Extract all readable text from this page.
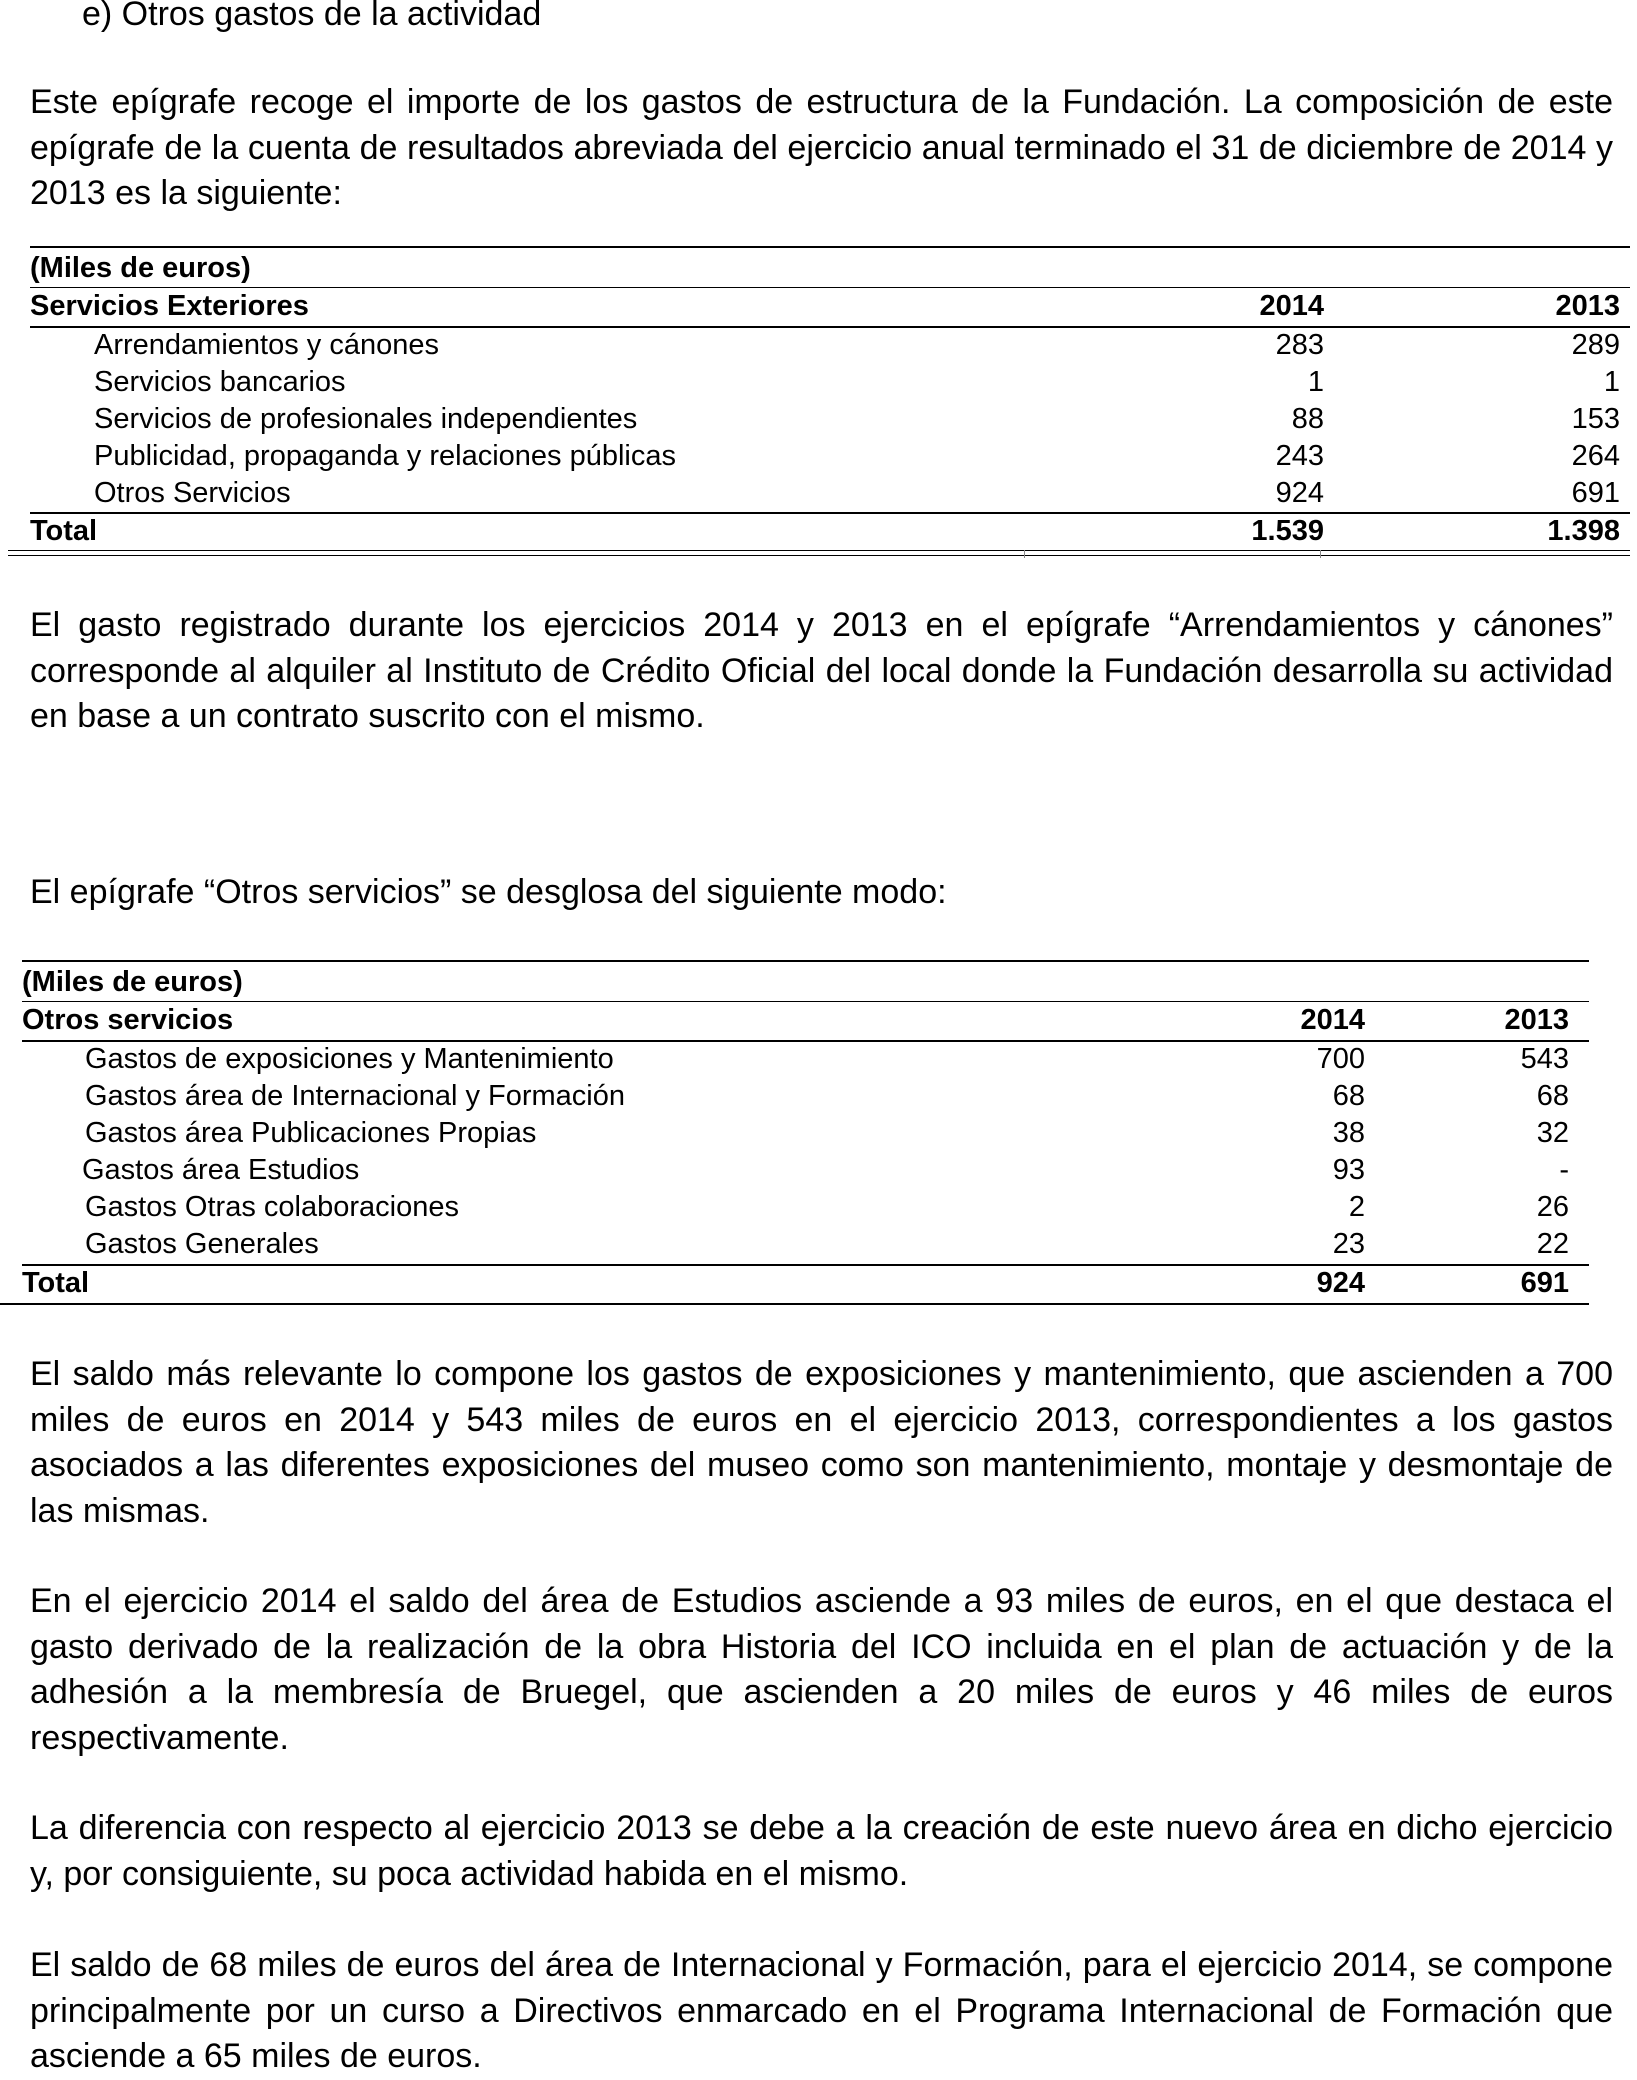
e) Otros gastos de la actividad

Este epígrafe recoge el importe de los gastos de estructura de la Fundación. La composición de este epígrafe de la cuenta de resultados abreviada del ejercicio anual terminado el 31 de diciembre de 2014 y 2013 es la siguiente:

(Miles de euros)
Servicios Exteriores	2014	2013
Arrendamientos y cánones	283	289
Servicios bancarios	1	1
Servicios de profesionales independientes	88	153
Publicidad, propaganda y relaciones públicas	243	264
Otros Servicios	924	691
Total	1.539	1.398

El gasto registrado durante los ejercicios 2014 y 2013 en el epígrafe “Arrendamientos y cánones” corresponde al alquiler al Instituto de Crédito Oficial del local donde la Fundación desarrolla su actividad en base a un contrato suscrito con el mismo.

El epígrafe “Otros servicios” se desglosa del siguiente modo:

(Miles de euros)
Otros servicios	2014	2013
Gastos de exposiciones y Mantenimiento	700	543
Gastos área de Internacional y Formación	68	68
Gastos área Publicaciones Propias	38	32
Gastos área Estudios	93	-
Gastos Otras colaboraciones	2	26
Gastos Generales	23	22
Total	924	691

El saldo más relevante lo compone los gastos de exposiciones y mantenimiento, que ascienden a 700 miles de euros en 2014 y 543 miles de euros en el ejercicio 2013, correspondientes a los gastos asociados a las diferentes exposiciones del museo como son mantenimiento, montaje y desmontaje de las mismas.

En el ejercicio 2014 el saldo del área de Estudios asciende a 93 miles de euros, en el que destaca el gasto derivado de la realización de la obra Historia del ICO incluida en el plan de actuación y de la adhesión a la membresía de Bruegel, que ascienden a 20 miles de euros y 46 miles de euros respectivamente.

La diferencia con respecto al ejercicio 2013 se debe a la creación de este nuevo área en dicho ejercicio y, por consiguiente, su poca actividad habida en el mismo.

El saldo de 68 miles de euros del área de Internacional y Formación, para el ejercicio 2014, se compone principalmente por un curso a Directivos enmarcado en el Programa Internacional de Formación que asciende a 65 miles de euros.
